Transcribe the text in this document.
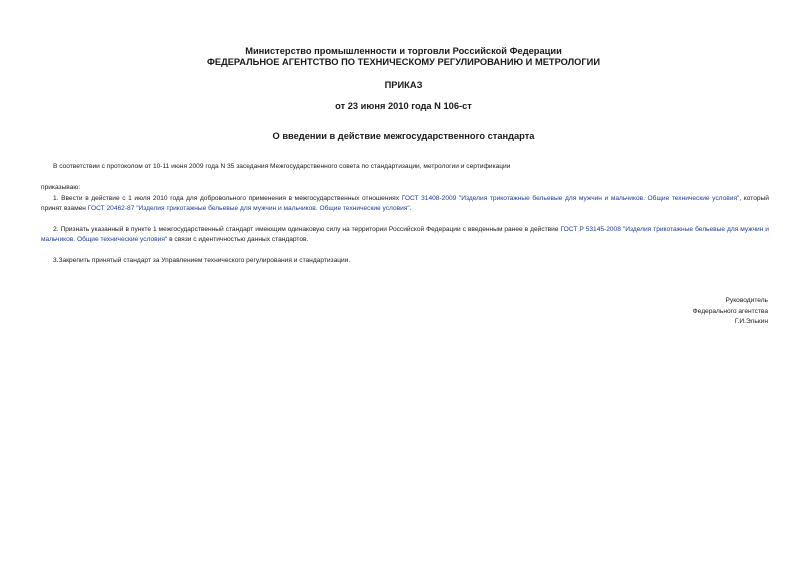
Министерство промышленности и торговли Российской Федерации
ФЕДЕРАЛЬНОЕ АГЕНТСТВО ПО ТЕХНИЧЕСКОМУ РЕГУЛИРОВАНИЮ И МЕТРОЛОГИИ
ПРИКАЗ
от 23 июня 2010 года N 106-ст
О введении в действие межгосударственного стандарта
В соответствии с протоколом от 10-11 июня 2009 года N 35 заседания Межгосударственного совета по стандартизации, метрологии и сертификации
приказываю:
1. Ввести в действие с 1 июля 2010 года для добровольного применения в межгосударственных отношениях ГОСТ 31408-2009 "Изделия трикотажные бельевые для мужчин и мальчиков. Общие технические условия", который принят взамен ГОСТ 20462-87 "Изделия трикотажные бельевые для мужчин и мальчиков. Общие технические условия".
2. Признать указанный в пункте 1 межгосударственный стандарт имеющим одинаковую силу на территории Российской Федерации с введенным ранее в действие ГОСТ Р 53145-2008 "Изделия трикотажные бельевые для мужчин и мальчиков. Общие технические условия" в связи с идентичностью данных стандартов.
3.Закрепить принятый стандарт за Управлением технического регулирования и стандартизации.
Руководитель
Федерального агентства
Г.И.Элькин
